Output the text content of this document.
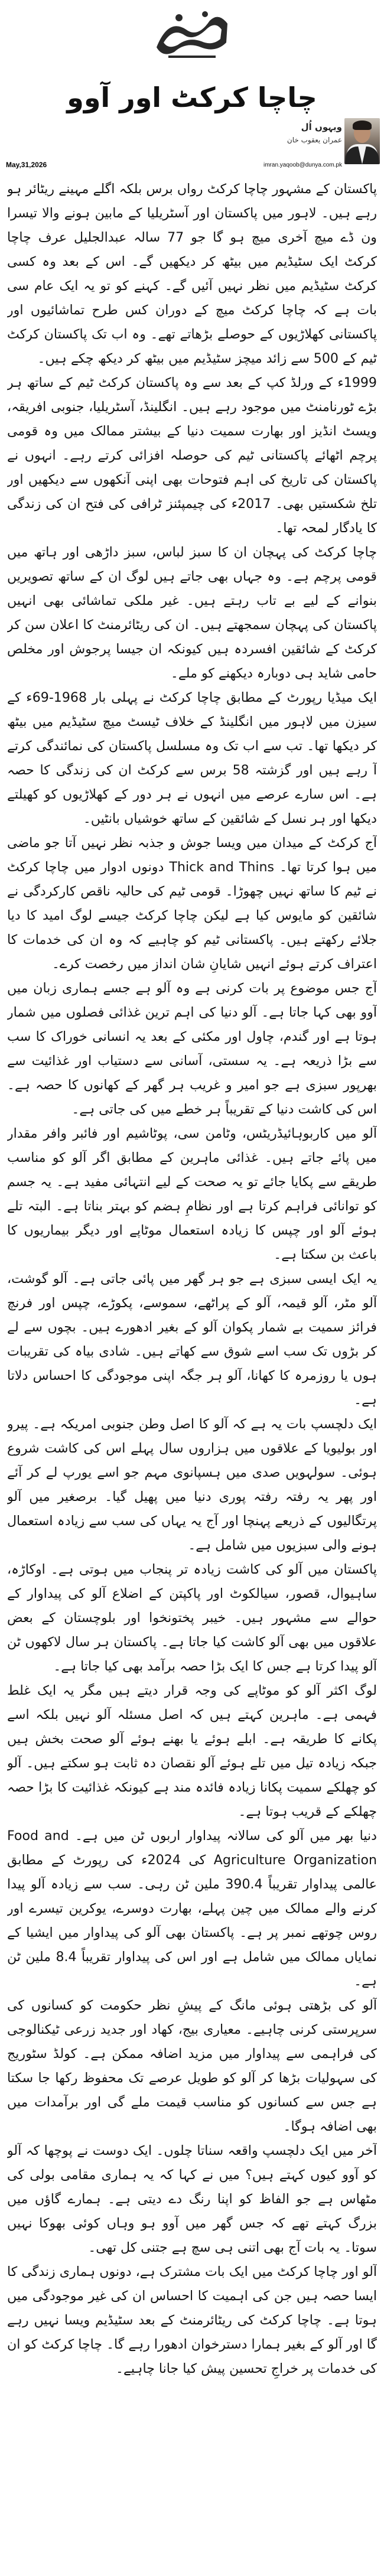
چاچا کرکٹ اور آوو
ویہوں اُل
عمران یعقوب خان
imran.yaqoob@dunya.com.pk
May,31,2026

پاکستان کے مشہور چاچا کرکٹ رواں برس بلکہ اگلے مہینے ریٹائر ہو رہے ہیں۔ لاہور میں پاکستان اور آسٹریلیا کے مابین ہونے والا تیسرا ون ڈے میچ آخری میچ ہو گا جو 77 سالہ عبدالجلیل عرف چاچا کرکٹ ایک سٹیڈیم میں بیٹھ کر دیکھیں گے۔ اس کے بعد وہ کسی کرکٹ سٹیڈیم میں نظر نہیں آئیں گے۔ کہنے کو تو یہ ایک عام سی بات ہے کہ چاچا کرکٹ میچ کے دوران کس طرح تماشائیوں اور پاکستانی کھلاڑیوں کے حوصلے بڑھاتے تھے۔ وہ اب تک پاکستان کرکٹ ٹیم کے 500 سے زائد میچز سٹیڈیم میں بیٹھ کر دیکھ چکے ہیں۔

1999ء کے ورلڈ کپ کے بعد سے وہ پاکستان کرکٹ ٹیم کے ساتھ ہر بڑے ٹورنامنٹ میں موجود رہے ہیں۔ انگلینڈ، آسٹریلیا، جنوبی افریقہ، ویسٹ انڈیز اور بھارت سمیت دنیا کے بیشتر ممالک میں وہ قومی پرچم اٹھائے پاکستانی ٹیم کی حوصلہ افزائی کرتے رہے۔ انہوں نے پاکستان کی تاریخ کی اہم فتوحات بھی اپنی آنکھوں سے دیکھیں اور تلخ شکستیں بھی۔ 2017ء کی چیمپئنز ٹرافی کی فتح ان کی زندگی کا یادگار لمحہ تھا۔

چاچا کرکٹ کی پہچان ان کا سبز لباس، سبز داڑھی اور ہاتھ میں قومی پرچم ہے۔ وہ جہاں بھی جاتے ہیں لوگ ان کے ساتھ تصویریں بنوانے کے لیے بے تاب رہتے ہیں۔ غیر ملکی تماشائی بھی انہیں پاکستان کی پہچان سمجھتے ہیں۔ ان کی ریٹائرمنٹ کا اعلان سن کر کرکٹ کے شائقین افسردہ ہیں کیونکہ ان جیسا پرجوش اور مخلص حامی شاید ہی دوبارہ دیکھنے کو ملے۔

ایک میڈیا رپورٹ کے مطابق چاچا کرکٹ نے پہلی بار 1968-69ء کے سیزن میں لاہور میں انگلینڈ کے خلاف ٹیسٹ میچ سٹیڈیم میں بیٹھ کر دیکھا تھا۔ تب سے اب تک وہ مسلسل پاکستان کی نمائندگی کرتے آ رہے ہیں اور گزشتہ 58 برس سے کرکٹ ان کی زندگی کا حصہ ہے۔ اس سارے عرصے میں انہوں نے ہر دور کے کھلاڑیوں کو کھیلتے دیکھا اور ہر نسل کے شائقین کے ساتھ خوشیاں بانٹیں۔

آج کرکٹ کے میدان میں ویسا جوش و جذبہ نظر نہیں آتا جو ماضی میں ہوا کرتا تھا۔ Thick and Thins دونوں ادوار میں چاچا کرکٹ نے ٹیم کا ساتھ نہیں چھوڑا۔ قومی ٹیم کی حالیہ ناقص کارکردگی نے شائقین کو مایوس کیا ہے لیکن چاچا کرکٹ جیسے لوگ امید کا دیا جلائے رکھتے ہیں۔ پاکستانی ٹیم کو چاہیے کہ وہ ان کی خدمات کا اعتراف کرتے ہوئے انہیں شایانِ شان انداز میں رخصت کرے۔

آج جس موضوع پر بات کرنی ہے وہ آلو ہے جسے ہماری زبان میں آوو بھی کہا جاتا ہے۔ آلو دنیا کی اہم ترین غذائی فصلوں میں شمار ہوتا ہے اور گندم، چاول اور مکئی کے بعد یہ انسانی خوراک کا سب سے بڑا ذریعہ ہے۔ یہ سستی، آسانی سے دستیاب اور غذائیت سے بھرپور سبزی ہے جو امیر و غریب ہر گھر کے کھانوں کا حصہ ہے۔ اس کی کاشت دنیا کے تقریباً ہر خطے میں کی جاتی ہے۔

آلو میں کاربوہائیڈریٹس، وٹامن سی، پوٹاشیم اور فائبر وافر مقدار میں پائے جاتے ہیں۔ غذائی ماہرین کے مطابق اگر آلو کو مناسب طریقے سے پکایا جائے تو یہ صحت کے لیے انتہائی مفید ہے۔ یہ جسم کو توانائی فراہم کرتا ہے اور نظامِ ہضم کو بہتر بناتا ہے۔ البتہ تلے ہوئے آلو اور چپس کا زیادہ استعمال موٹاپے اور دیگر بیماریوں کا باعث بن سکتا ہے۔

یہ ایک ایسی سبزی ہے جو ہر گھر میں پائی جاتی ہے۔ آلو گوشت، آلو مٹر، آلو قیمہ، آلو کے پراٹھے، سموسے، پکوڑے، چپس اور فرنچ فرائز سمیت بے شمار پکوان آلو کے بغیر ادھورے ہیں۔ بچوں سے لے کر بڑوں تک سب اسے شوق سے کھاتے ہیں۔ شادی بیاہ کی تقریبات ہوں یا روزمرہ کا کھانا، آلو ہر جگہ اپنی موجودگی کا احساس دلاتا ہے۔

ایک دلچسپ بات یہ ہے کہ آلو کا اصل وطن جنوبی امریکہ ہے۔ پیرو اور بولیویا کے علاقوں میں ہزاروں سال پہلے اس کی کاشت شروع ہوئی۔ سولہویں صدی میں ہسپانوی مہم جو اسے یورپ لے کر آئے اور پھر یہ رفتہ رفتہ پوری دنیا میں پھیل گیا۔ برصغیر میں آلو پرتگالیوں کے ذریعے پہنچا اور آج یہ یہاں کی سب سے زیادہ استعمال ہونے والی سبزیوں میں شامل ہے۔

پاکستان میں آلو کی کاشت زیادہ تر پنجاب میں ہوتی ہے۔ اوکاڑہ، ساہیوال، قصور، سیالکوٹ اور پاکپتن کے اضلاع آلو کی پیداوار کے حوالے سے مشہور ہیں۔ خیبر پختونخوا اور بلوچستان کے بعض علاقوں میں بھی آلو کاشت کیا جاتا ہے۔ پاکستان ہر سال لاکھوں ٹن آلو پیدا کرتا ہے جس کا ایک بڑا حصہ برآمد بھی کیا جاتا ہے۔

لوگ اکثر آلو کو موٹاپے کی وجہ قرار دیتے ہیں مگر یہ ایک غلط فہمی ہے۔ ماہرین کہتے ہیں کہ اصل مسئلہ آلو نہیں بلکہ اسے پکانے کا طریقہ ہے۔ ابلے ہوئے یا بھنے ہوئے آلو صحت بخش ہیں جبکہ زیادہ تیل میں تلے ہوئے آلو نقصان دہ ثابت ہو سکتے ہیں۔ آلو کو چھلکے سمیت پکانا زیادہ فائدہ مند ہے کیونکہ غذائیت کا بڑا حصہ چھلکے کے قریب ہوتا ہے۔

دنیا بھر میں آلو کی سالانہ پیداوار اربوں ٹن میں ہے۔ Food and Agriculture Organization کی 2024ء کی رپورٹ کے مطابق عالمی پیداوار تقریباً 390.4 ملین ٹن رہی۔ سب سے زیادہ آلو پیدا کرنے والے ممالک میں چین پہلے، بھارت دوسرے، یوکرین تیسرے اور روس چوتھے نمبر پر ہے۔ پاکستان بھی آلو کی پیداوار میں ایشیا کے نمایاں ممالک میں شامل ہے اور اس کی پیداوار تقریباً 8.4 ملین ٹن ہے۔

آلو کی بڑھتی ہوئی مانگ کے پیشِ نظر حکومت کو کسانوں کی سرپرستی کرنی چاہیے۔ معیاری بیج، کھاد اور جدید زرعی ٹیکنالوجی کی فراہمی سے پیداوار میں مزید اضافہ ممکن ہے۔ کولڈ سٹوریج کی سہولیات بڑھا کر آلو کو طویل عرصے تک محفوظ رکھا جا سکتا ہے جس سے کسانوں کو مناسب قیمت ملے گی اور برآمدات میں بھی اضافہ ہوگا۔

آخر میں ایک دلچسپ واقعہ سناتا چلوں۔ ایک دوست نے پوچھا کہ آلو کو آوو کیوں کہتے ہیں؟ میں نے کہا کہ یہ ہماری مقامی بولی کی مٹھاس ہے جو الفاظ کو اپنا رنگ دے دیتی ہے۔ ہمارے گاؤں میں بزرگ کہتے تھے کہ جس گھر میں آوو ہو وہاں کوئی بھوکا نہیں سوتا۔ یہ بات آج بھی اتنی ہی سچ ہے جتنی کل تھی۔

آلو اور چاچا کرکٹ میں ایک بات مشترک ہے، دونوں ہماری زندگی کا ایسا حصہ ہیں جن کی اہمیت کا احساس ان کی غیر موجودگی میں ہوتا ہے۔ چاچا کرکٹ کی ریٹائرمنٹ کے بعد سٹیڈیم ویسا نہیں رہے گا اور آلو کے بغیر ہمارا دسترخوان ادھورا رہے گا۔ چاچا کرکٹ کو ان کی خدمات پر خراجِ تحسین پیش کیا جانا چاہیے۔
